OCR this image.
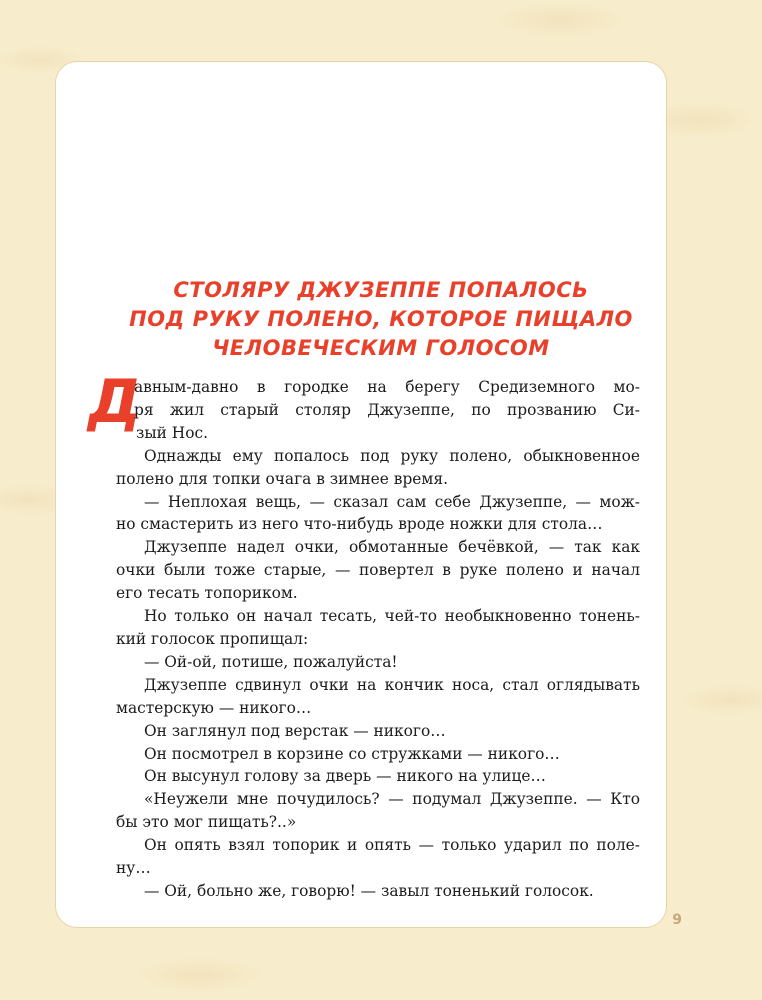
СТОЛЯРУ ДЖУЗЕППЕ ПОПАЛОСЬ
ПОД РУКУ ПОЛЕНО, КОТОРОЕ ПИЩАЛО
ЧЕЛОВЕЧЕСКИМ ГОЛОСОМ
Д
авным-давно в городке на берегу Средиземного мо-
ря жил старый столяр Джузеппе, по прозванию Си-
зый Нос.
Однажды ему попалось под руку полено, обыкновенное
полено для топки очага в зимнее время.
— Неплохая вещь, — сказал сам себе Джузеппе, — мож-
но смастерить из него что-нибудь вроде ножки для стола…
Джузеппе надел очки, обмотанные бечёвкой, — так как
очки были тоже старые, — повертел в руке полено и начал
его тесать топориком.
Но только он начал тесать, чей-то необыкновенно тонень-
кий голосок пропищал:
— Ой-ой, потише, пожалуйста!
Джузеппе сдвинул очки на кончик носа, стал оглядывать
мастерскую — никого…
Он заглянул под верстак — никого…
Он посмотрел в корзине со стружками — никого…
Он высунул голову за дверь — никого на улице…
«Неужели мне почудилось? — подумал Джузеппе. — Кто
бы это мог пищать?..»
Он опять взял топорик и опять — только ударил по поле-
ну…
— Ой, больно же, говорю! — завыл тоненький голосок.
9
